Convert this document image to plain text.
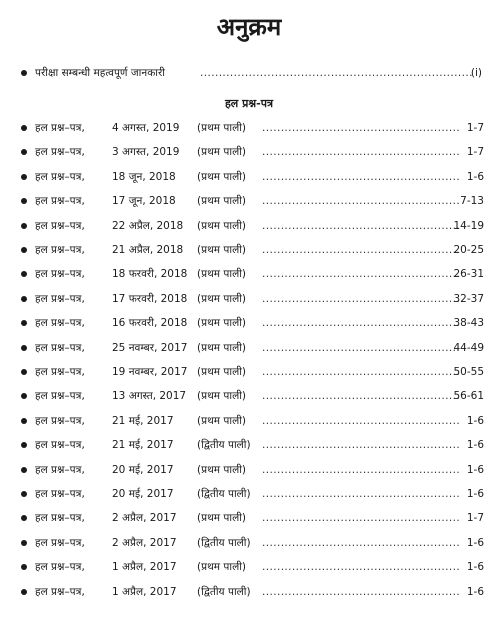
अनुक्रम
परीक्षा सम्बन्धी महत्वपूर्ण जानकारी .....	(i)
हल प्रश्न-पत्र
हल प्रश्न–पत्र,	4 अगस्त, 2019 (प्रथम पाली) .....	1-7
हल प्रश्न–पत्र,	3 अगस्त, 2019 (प्रथम पाली) .....	1-7
हल प्रश्न–पत्र,	18 जून, 2018 (प्रथम पाली) .....	1-6
हल प्रश्न–पत्र,	17 जून, 2018 (प्रथम पाली) .....	7-13
हल प्रश्न–पत्र,	22 अप्रैल, 2018 (प्रथम पाली) .....	14-19
हल प्रश्न–पत्र,	21 अप्रैल, 2018 (प्रथम पाली) .....	20-25
हल प्रश्न–पत्र,	18 फरवरी, 2018 (प्रथम पाली) .....	26-31
हल प्रश्न–पत्र,	17 फरवरी, 2018 (प्रथम पाली) .....	32-37
हल प्रश्न–पत्र,	16 फरवरी, 2018 (प्रथम पाली) .....	38-43
हल प्रश्न–पत्र,	25 नवम्बर, 2017 (प्रथम पाली) .....	44-49
हल प्रश्न–पत्र,	19 नवम्बर, 2017 (प्रथम पाली) .....	50-55
हल प्रश्न–पत्र,	13 अगस्त, 2017 (प्रथम पाली) .....	56-61
हल प्रश्न–पत्र,	21 मई, 2017 (प्रथम पाली) .....	1-6
हल प्रश्न–पत्र,	21 मई, 2017 (द्वितीय पाली) .....	1-6
हल प्रश्न–पत्र,	20 मई, 2017 (प्रथम पाली) .....	1-6
हल प्रश्न–पत्र,	20 मई, 2017 (द्वितीय पाली) .....	1-6
हल प्रश्न–पत्र,	2 अप्रैल, 2017 (प्रथम पाली) .....	1-7
हल प्रश्न–पत्र,	2 अप्रैल, 2017 (द्वितीय पाली) .....	1-6
हल प्रश्न–पत्र,	1 अप्रैल, 2017 (प्रथम पाली) .....	1-6
हल प्रश्न–पत्र,	1 अप्रैल, 2017 (द्वितीय पाली) .....	1-6
